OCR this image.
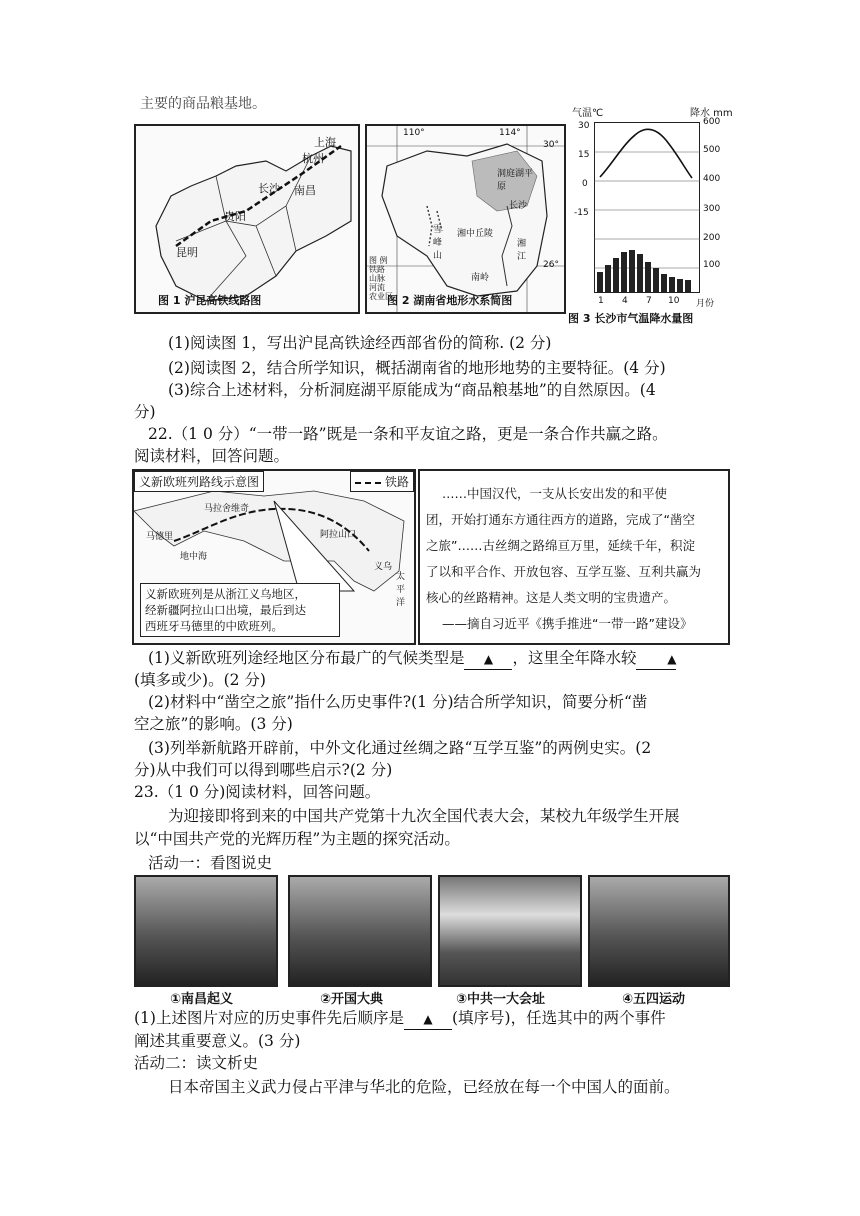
主要的商品粮基地。
上海
杭州
南昌
长沙
贵阳
昆明
图 1 沪昆高铁线路图
110°	114°
30°
26°
洞庭湖平原
长沙
雪峰山
湘中丘陵
湘江
南岭
图 例
铁路
山脉
河流
农业区
图 2 湖南省地形水系简图
气温℃	降水 mm
30
15
0
-15
600
500
400
300
200
100
1 4 7 10 月份
图 3 长沙市气温降水量图
(1)阅读图 1，写出沪昆高铁途经西部省份的简称. (2 分)
(2)阅读图 2，结合所学知识，概括湖南省的地形地势的主要特征。(4 分)
(3)综合上述材料，分析洞庭湖平原能成为“商品粮基地”的自然原因。(4
分)
22.（1 0 分）“一带一路”既是一条和平友谊之路，更是一条合作共赢之路。
阅读材料，回答问题。
义新欧班列路线示意图	铁路
马德里
地中海
马拉舍维奇
阿拉山口
义乌
太平洋
义新欧班列是从浙江义乌地区，
经新疆阿拉山口出境，最后到达
西班牙马德里的中欧班列。
……中国汉代，一支从长安出发的和平使
团，开始打通东方通往西方的道路，完成了“凿空
之旅”……古丝绸之路绵亘万里，延续千年，积淀
了以和平合作、开放包容、互学互鉴、互利共赢为
核心的丝路精神。这是人类文明的宝贵遗产。
——摘自习近平《携手推进“一带一路”建设》
(1)义新欧班列途经地区分布最广的气候类型是 ▲ ，这里全年降水较	▲
(填多或少)。(2 分)
(2)材料中“凿空之旅”指什么历史事件?(1 分)结合所学知识，简要分析“凿
空之旅”的影响。(3 分)
(3)列举新航路开辟前，中外文化通过丝绸之路“互学互鉴”的两例史实。(2
分)从中我们可以得到哪些启示?(2 分)
23.（1 0 分)阅读材料，回答问题。
为迎接即将到来的中国共产党第十九次全国代表大会，某校九年级学生开展
以“中国共产党的光辉历程”为主题的探究活动。
活动一：看图说史
①南昌起义	②开国大典	③中共一大会址	④五四运动
(1)上述图片对应的历史事件先后顺序是 ▲ (填序号)，任选其中的两个事件
阐述其重要意义。(3 分)
活动二：读文析史
日本帝国主义武力侵占平津与华北的危险，已经放在每一个中国人的面前。
